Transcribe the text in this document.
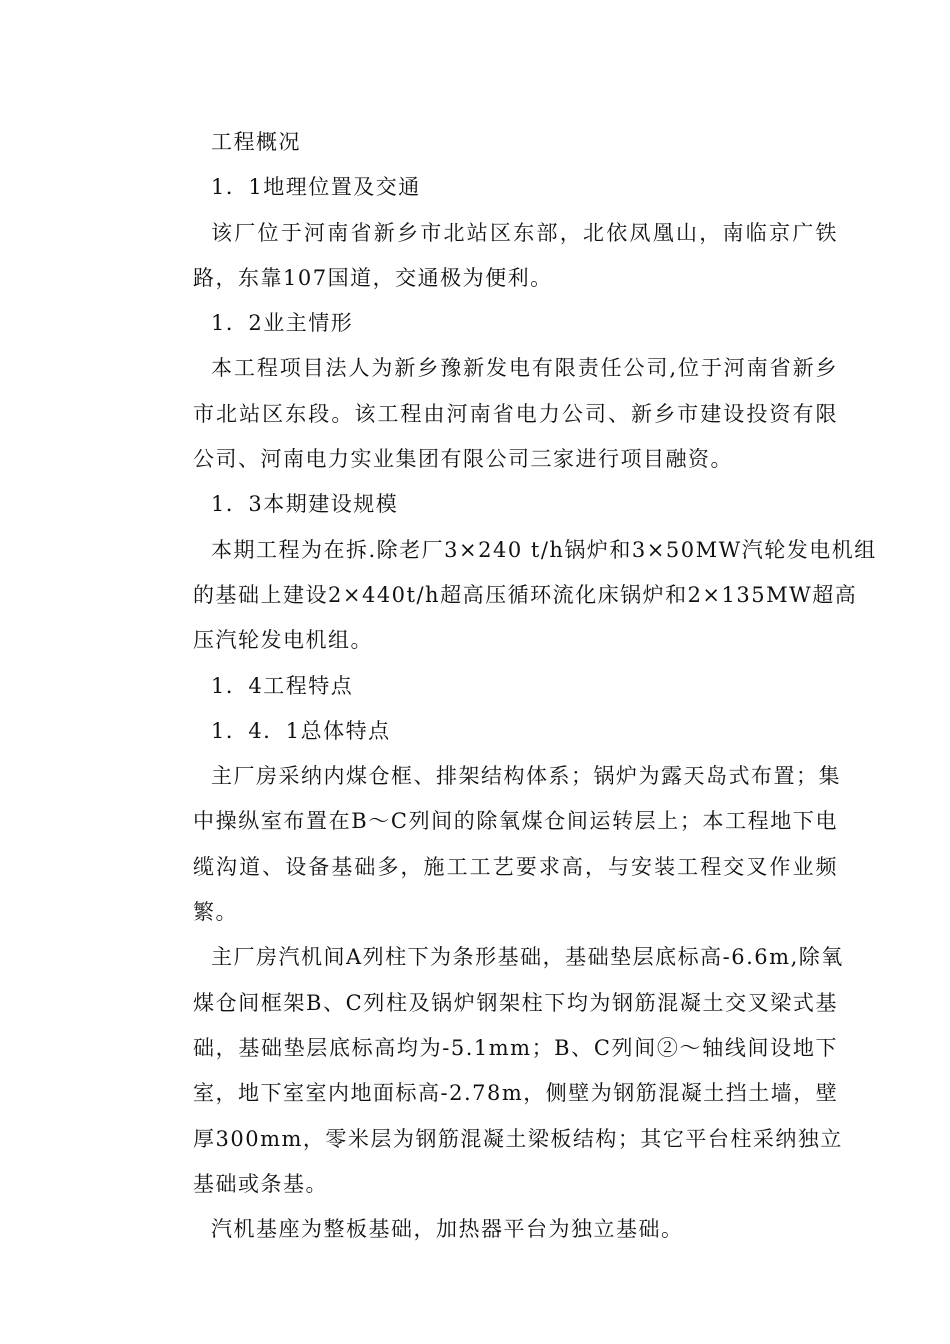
工程概况
1．1地理位置及交通
该厂位于河南省新乡市北站区东部，北依凤凰山，南临京广铁
路，东靠107国道，交通极为便利。
1．2业主情形
本工程项目法人为新乡豫新发电有限责任公司,位于河南省新乡
市北站区东段。该工程由河南省电力公司、新乡市建设投资有限
公司、河南电力实业集团有限公司三家进行项目融资。
1．3本期建设规模
本期工程为在拆.除老厂3×240 t/h锅炉和3×50MW汽轮发电机组
的基础上建设2×440t/h超高压循环流化床锅炉和2×135MW超高
压汽轮发电机组。
1．4工程特点
1．4．1总体特点
主厂房采纳内煤仓框、排架结构体系；锅炉为露天岛式布置；集
中操纵室布置在B～C列间的除氧煤仓间运转层上；本工程地下电
缆沟道、设备基础多，施工工艺要求高，与安装工程交叉作业频
繁。
主厂房汽机间A列柱下为条形基础，基础垫层底标高-6.6m,除氧
煤仓间框架B、C列柱及锅炉钢架柱下均为钢筋混凝土交叉梁式基
础，基础垫层底标高均为-5.1mm；B、C列间②～轴线间设地下
室，地下室室内地面标高-2.78m，侧壁为钢筋混凝土挡土墙，壁
厚300mm，零米层为钢筋混凝土梁板结构；其它平台柱采纳独立
基础或条基。
汽机基座为整板基础，加热器平台为独立基础。
